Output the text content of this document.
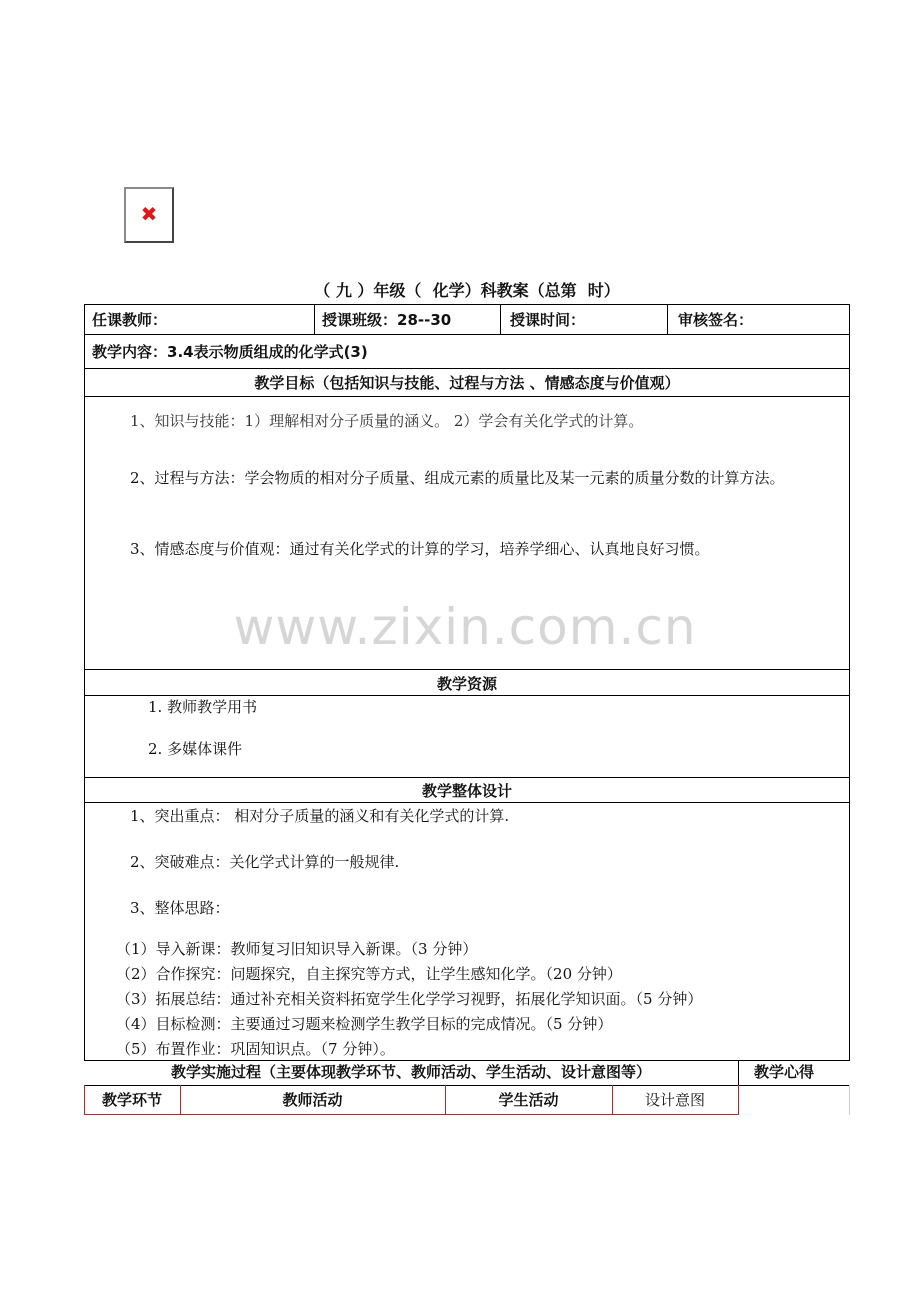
✖
（ 九 ）年级（  化学）科教案（总第  时）
任课教师：	授课班级：28--30	授课时间：	审核签名：
教学内容：3.4表示物质组成的化学式(3)
教学目标（包括知识与技能、过程与方法 、情感态度与价值观）
1、知识与技能：1）理解相对分子质量的涵义。 2）学会有关化学式的计算。
2、过程与方法：学会物质的相对分子质量、组成元素的质量比及某一元素的质量分数的计算方法。
3、情感态度与价值观：通过有关化学式的计算的学习，培养学细心、认真地良好习惯。
www.zixin.com.cn
教学资源
1. 教师教学用书
2. 多媒体课件
教学整体设计
1、突出重点： 相对分子质量的涵义和有关化学式的计算.
2、突破难点：关化学式计算的一般规律.
3、整体思路：
（1）导入新课：教师复习旧知识导入新课。（3 分钟）
（2）合作探究：问题探究，自主探究等方式，让学生感知化学。（20 分钟）
（3）拓展总结：通过补充相关资料拓宽学生化学学习视野，拓展化学知识面。（5 分钟）
（4）目标检测：主要通过习题来检测学生教学目标的完成情况。（5 分钟）
（5）布置作业：巩固知识点。（7 分钟）。
教学实施过程（主要体现教学环节、教师活动、学生活动、设计意图等）	教学心得
教学环节	教师活动	学生活动	设计意图
